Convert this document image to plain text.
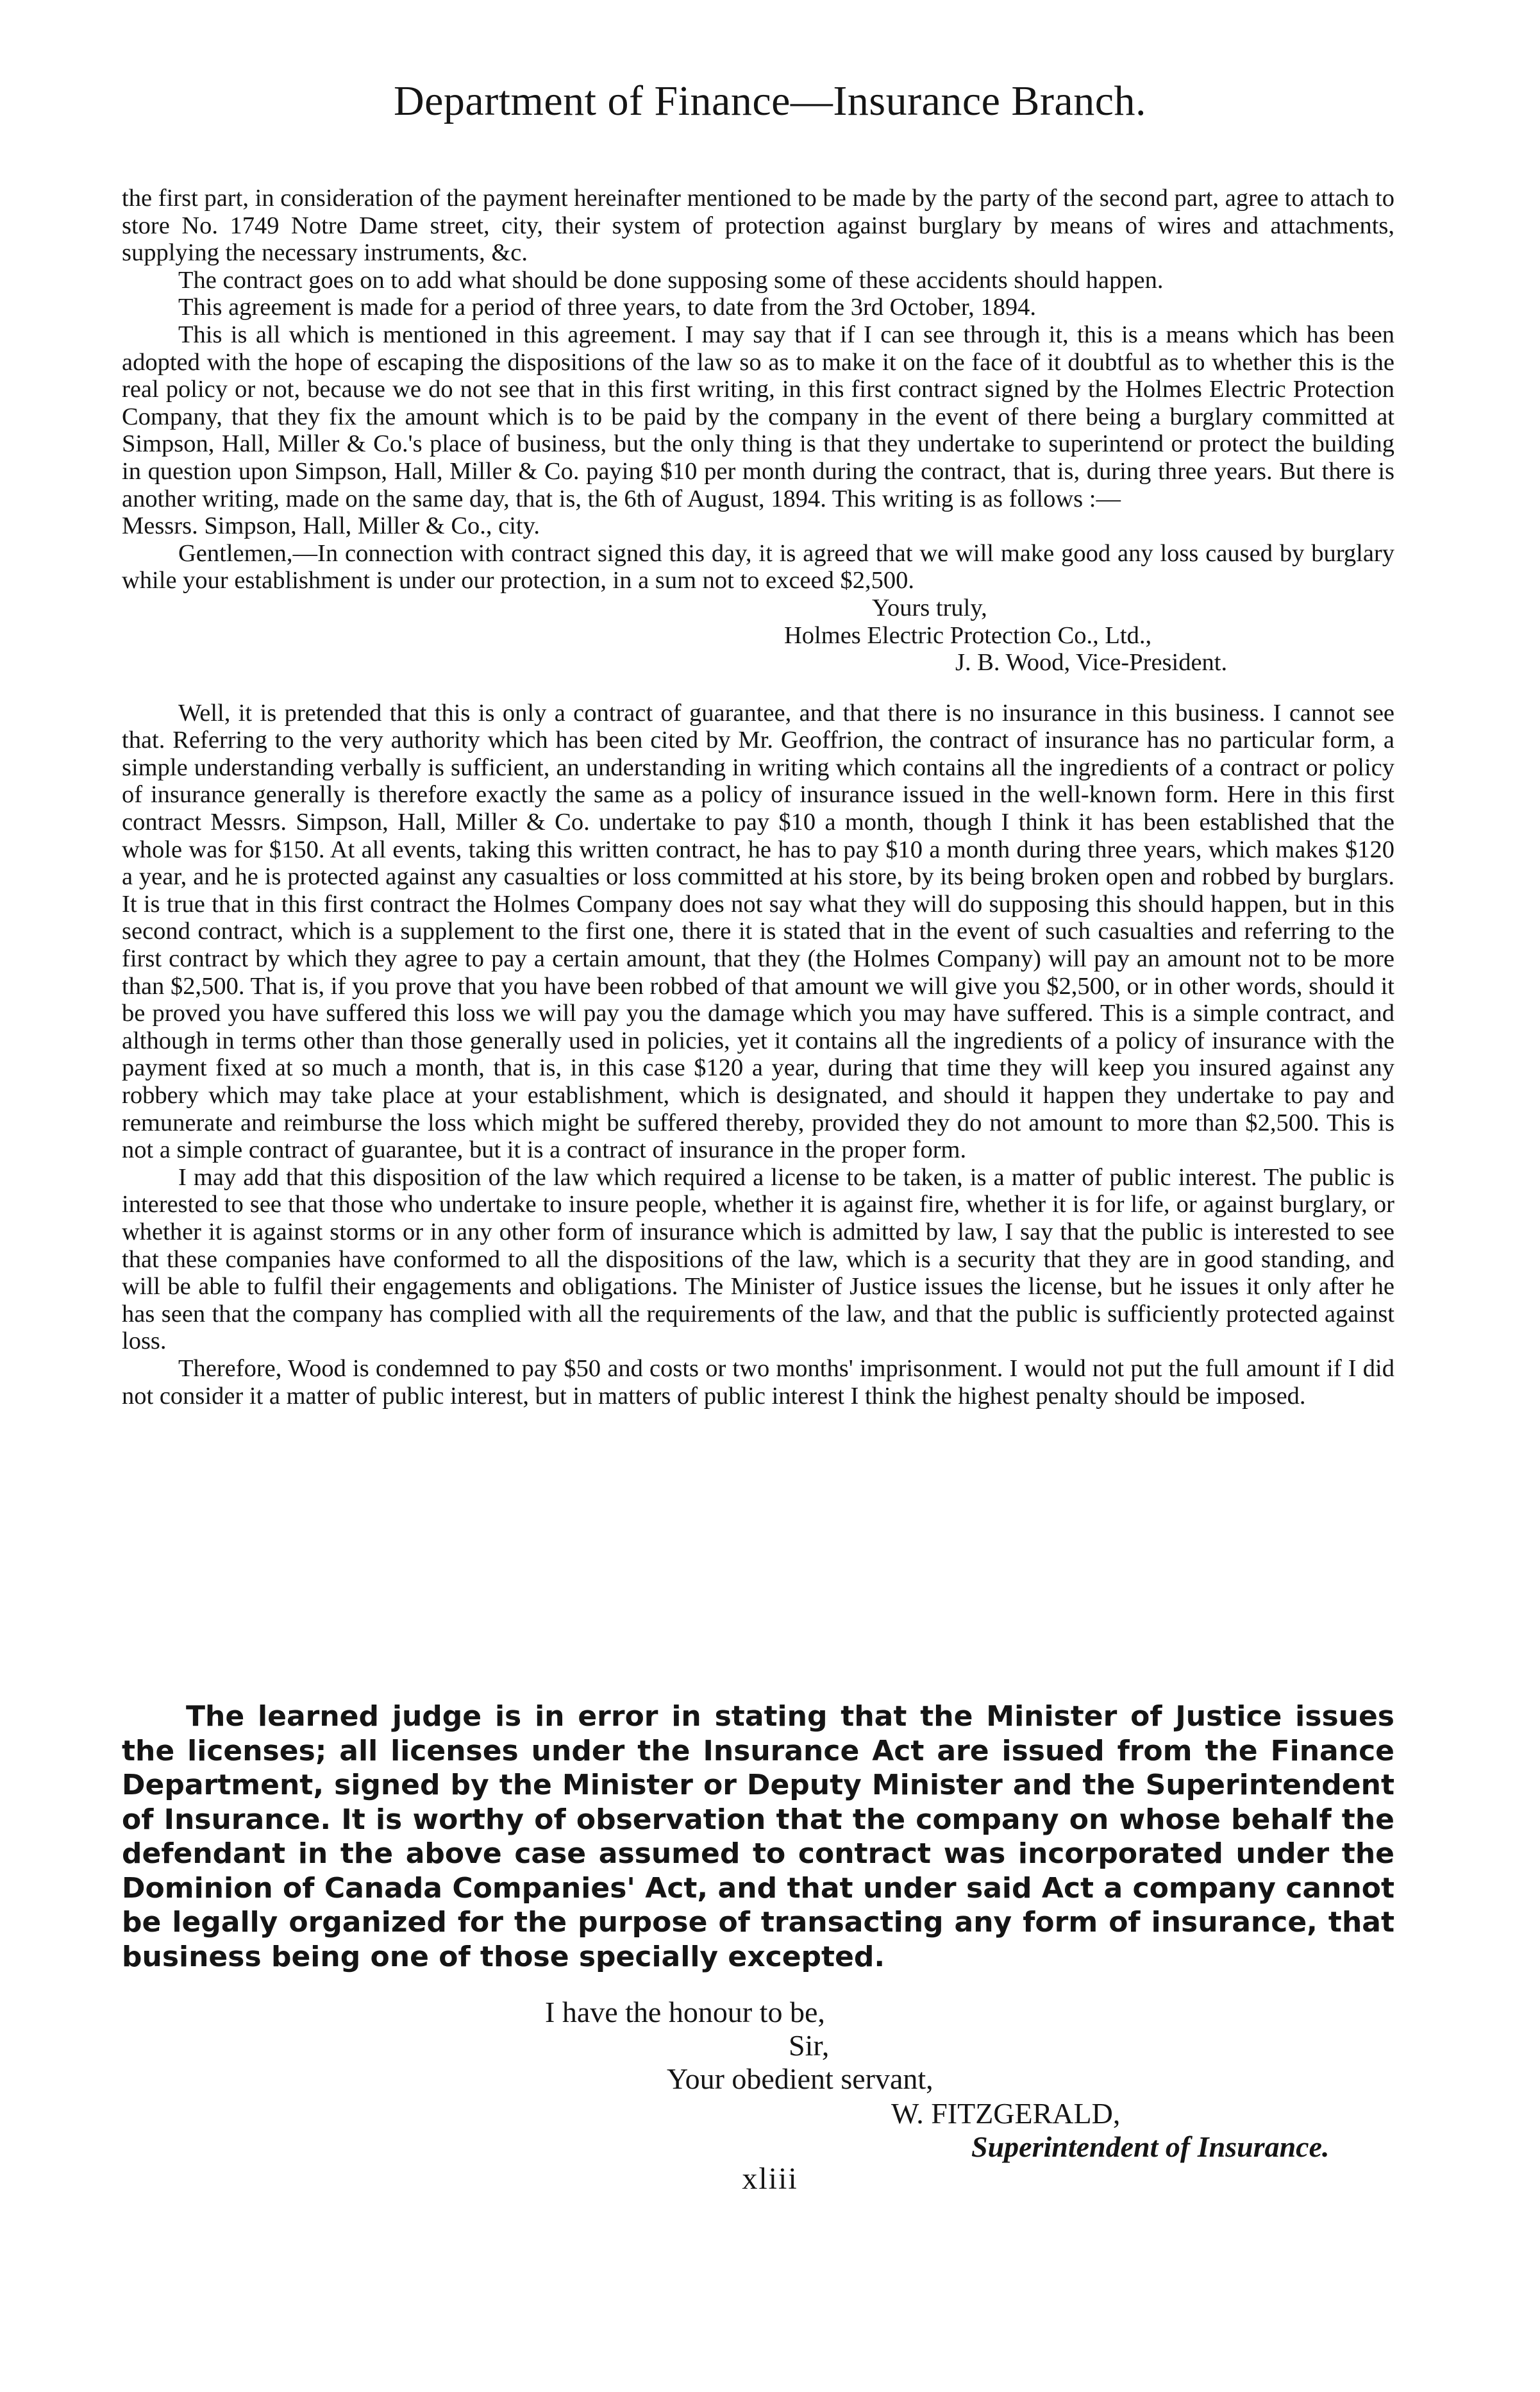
Department of Finance—Insurance Branch.

the first part, in consideration of the payment hereinafter mentioned to be made by the party of the second part, agree to attach to store No. 1749 Notre Dame street, city, their system of protection against burglary by means of wires and attachments, supplying the necessary instruments, &c.

The contract goes on to add what should be done supposing some of these accidents should happen.

This agreement is made for a period of three years, to date from the 3rd October, 1894.

This is all which is mentioned in this agreement. I may say that if I can see through it, this is a means which has been adopted with the hope of escaping the dispositions of the law so as to make it on the face of it doubtful as to whether this is the real policy or not, because we do not see that in this first writing, in this first contract signed by the Holmes Electric Protection Company, that they fix the amount which is to be paid by the company in the event of there being a burglary committed at Simpson, Hall, Miller & Co.'s place of business, but the only thing is that they undertake to superintend or protect the building in question upon Simpson, Hall, Miller & Co. paying $10 per month during the contract, that is, during three years. But there is another writing, made on the same day, that is, the 6th of August, 1894. This writing is as follows :—

Messrs. Simpson, Hall, Miller & Co., city.

Gentlemen,—In connection with contract signed this day, it is agreed that we will make good any loss caused by burglary while your establishment is under our protection, in a sum not to exceed $2,500.

Yours truly,
Holmes Electric Protection Co., Ltd.,
J. B. Wood, Vice-President.

Well, it is pretended that this is only a contract of guarantee, and that there is no insurance in this business. I cannot see that. Referring to the very authority which has been cited by Mr. Geoffrion, the contract of insurance has no particular form, a simple understanding verbally is sufficient, an understanding in writing which contains all the ingredients of a contract or policy of insurance generally is therefore exactly the same as a policy of insurance issued in the well-known form. Here in this first contract Messrs. Simpson, Hall, Miller & Co. undertake to pay $10 a month, though I think it has been established that the whole was for $150. At all events, taking this written contract, he has to pay $10 a month during three years, which makes $120 a year, and he is protected against any casualties or loss committed at his store, by its being broken open and robbed by burglars. It is true that in this first contract the Holmes Company does not say what they will do supposing this should happen, but in this second contract, which is a supplement to the first one, there it is stated that in the event of such casualties and referring to the first contract by which they agree to pay a certain amount, that they (the Holmes Company) will pay an amount not to be more than $2,500. That is, if you prove that you have been robbed of that amount we will give you $2,500, or in other words, should it be proved you have suffered this loss we will pay you the damage which you may have suffered. This is a simple contract, and although in terms other than those generally used in policies, yet it contains all the ingredients of a policy of insurance with the payment fixed at so much a month, that is, in this case $120 a year, during that time they will keep you insured against any robbery which may take place at your establishment, which is designated, and should it happen they undertake to pay and remunerate and reimburse the loss which might be suffered thereby, provided they do not amount to more than $2,500. This is not a simple contract of guarantee, but it is a contract of insurance in the proper form.

I may add that this disposition of the law which required a license to be taken, is a matter of public interest. The public is interested to see that those who undertake to insure people, whether it is against fire, whether it is for life, or against burglary, or whether it is against storms or in any other form of insurance which is admitted by law, I say that the public is interested to see that these companies have conformed to all the dispositions of the law, which is a security that they are in good standing, and will be able to fulfil their engagements and obligations. The Minister of Justice issues the license, but he issues it only after he has seen that the company has complied with all the requirements of the law, and that the public is sufficiently protected against loss.

Therefore, Wood is condemned to pay $50 and costs or two months' imprisonment. I would not put the full amount if I did not consider it a matter of public interest, but in matters of public interest I think the highest penalty should be imposed.

The learned judge is in error in stating that the Minister of Justice issues the licenses; all licenses under the Insurance Act are issued from the Finance Department, signed by the Minister or Deputy Minister and the Superintendent of Insurance. It is worthy of observation that the company on whose behalf the defendant in the above case assumed to contract was incorporated under the Dominion of Canada Companies' Act, and that under said Act a company cannot be legally organized for the purpose of transacting any form of insurance, that business being one of those specially excepted.

I have the honour to be,
Sir,
Your obedient servant,
W. FITZGERALD,
Superintendent of Insurance.
xliii
